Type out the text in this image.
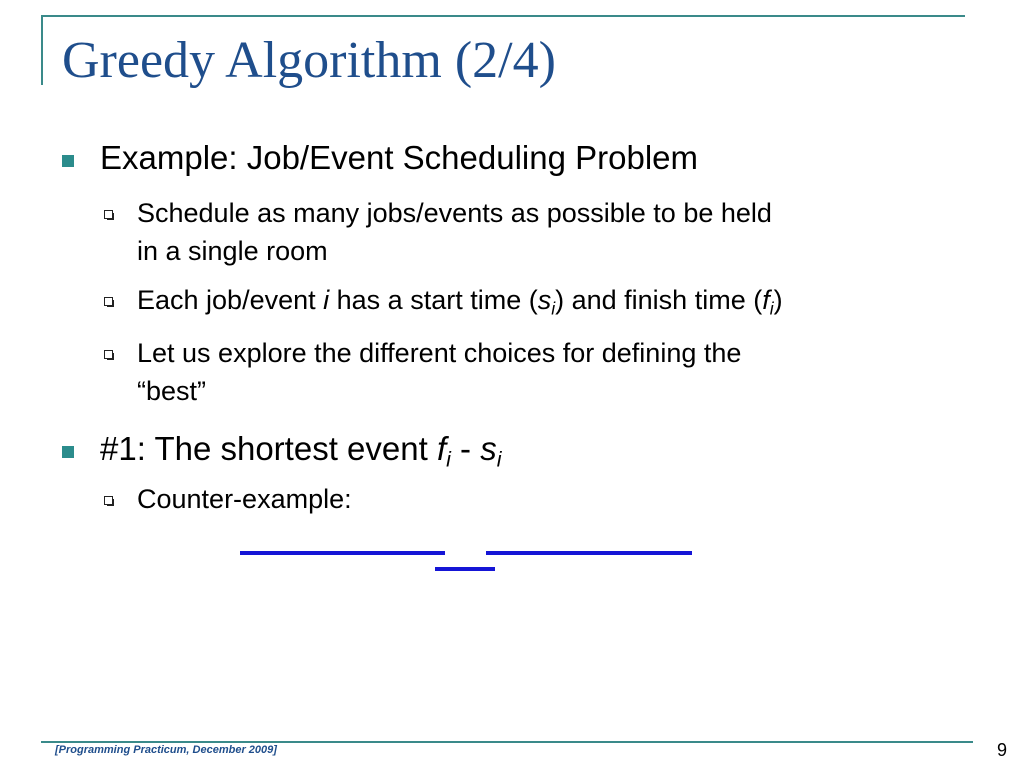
Greedy Algorithm (2/4)
Example: Job/Event Scheduling Problem
Schedule as many jobs/events as possible to be held
in a single room
Each job/event i has a start time $(s_i)$ and finish time $(f_i)$
Let us explore the different choices for defining the
“best”
#1: The shortest event $f_i - s_i$
Counter-example:
[Programming Practicum, December 2009]	9
